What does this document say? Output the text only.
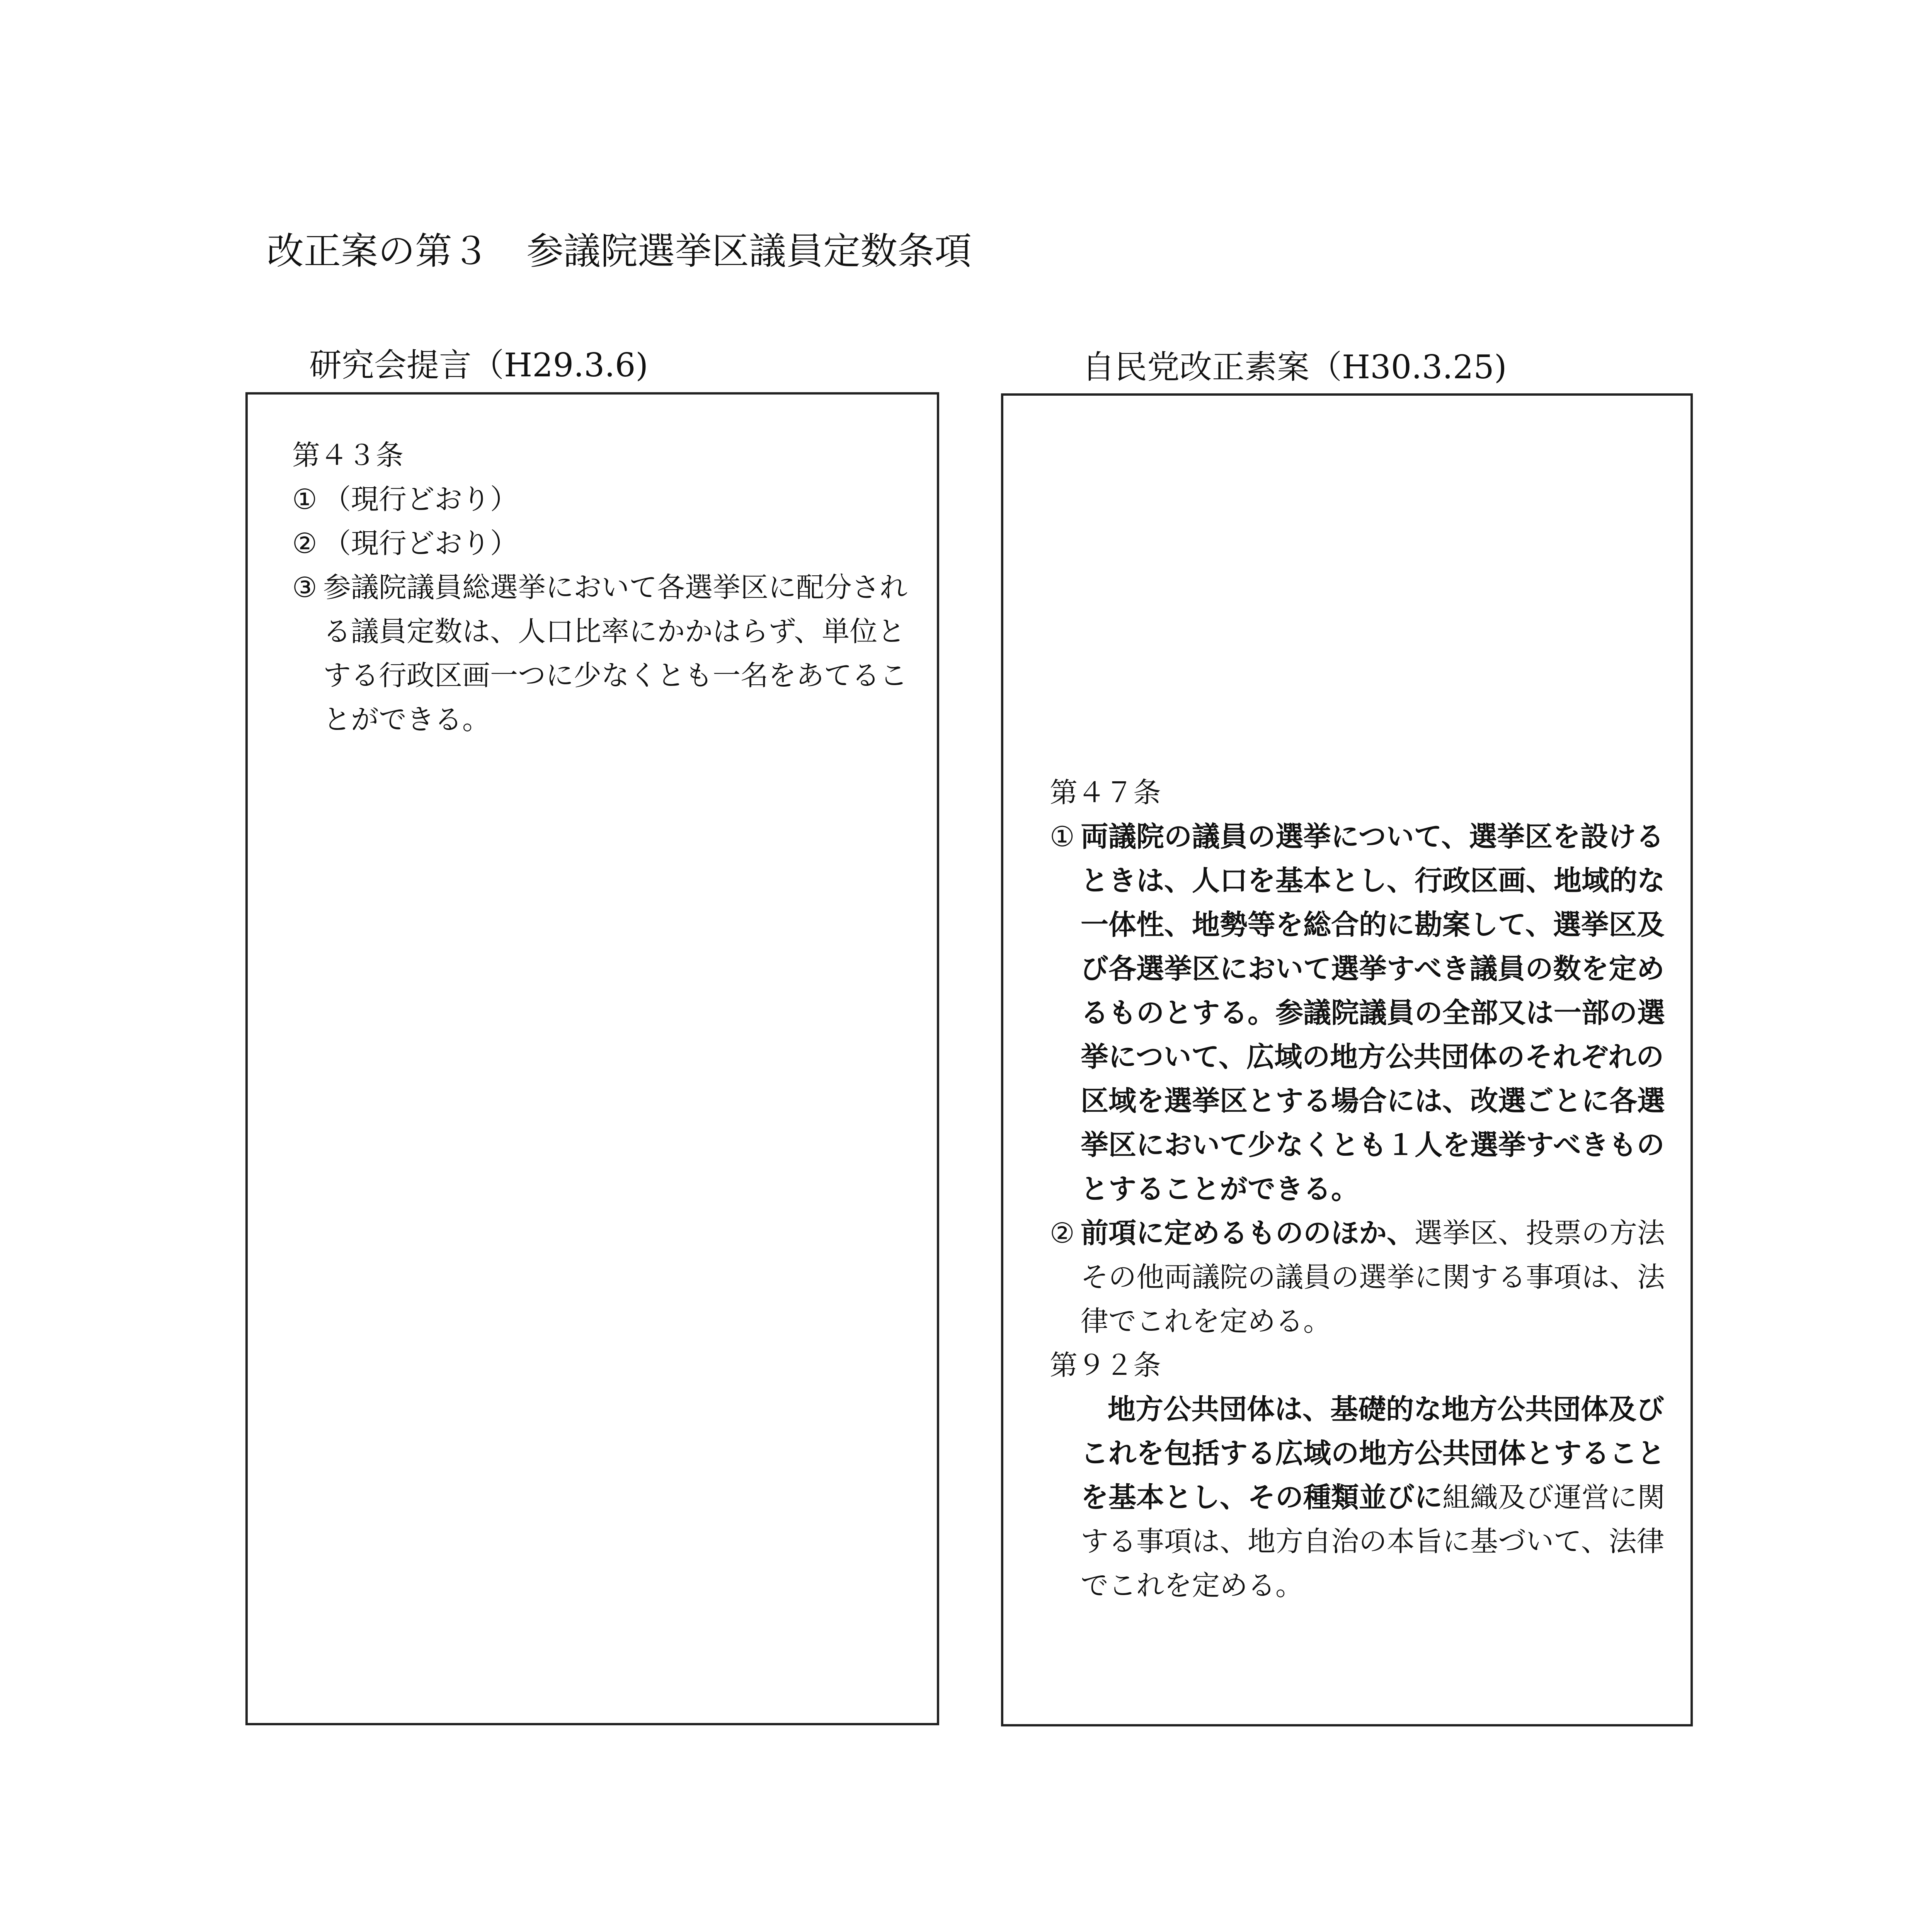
改正案の第３　参議院選挙区議員定数条項
研究会提言（H29.3.6)	自民党改正素案（H30.3.25)
第４３条
① （現行どおり）
② （現行どおり）
③ 参議院議員総選挙において各選挙区に配分される議員定数は、人口比率にかかはらず、単位とする行政区画一つに少なくとも一名をあてることができる。
第４７条
① 両議院の議員の選挙について、選挙区を設けるときは、人口を基本とし、行政区画、地域的な一体性、地勢等を総合的に勘案して、選挙区及び各選挙区において選挙すべき議員の数を定めるものとする。参議院議員の全部又は一部の選挙について、広域の地方公共団体のそれぞれの区域を選挙区とする場合には、改選ごとに各選挙区において少なくとも１人を選挙すべきものとすることができる。
② 前項に定めるもののほか、選挙区、投票の方法その他両議院の議員の選挙に関する事項は、法律でこれを定める。
第９２条
地方公共団体は、基礎的な地方公共団体及びこれを包括する広域の地方公共団体とすることを基本とし、その種類並びに組織及び運営に関する事項は、地方自治の本旨に基づいて、法律でこれを定める。
